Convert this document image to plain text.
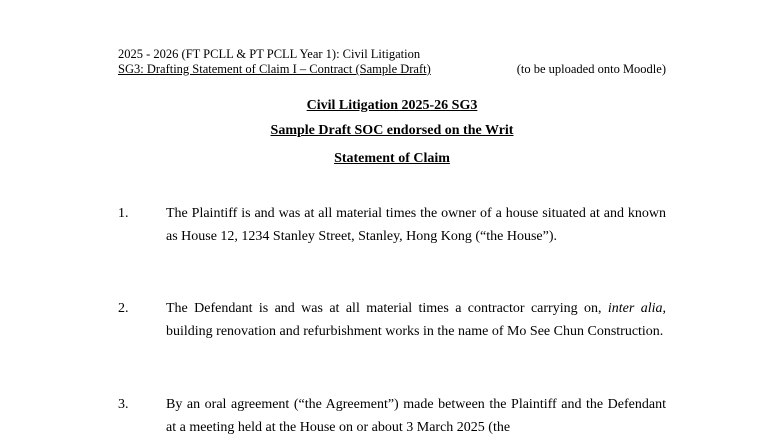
2025 - 2026 (FT PCLL & PT PCLL Year 1): Civil Litigation
SG3: Drafting Statement of Claim I – Contract (Sample Draft)	(to be uploaded onto Moodle)
Civil Litigation 2025-26 SG3
Sample Draft SOC endorsed on the Writ
Statement of Claim
1.	The Plaintiff is and was at all material times the owner of a house situated at and known as House 12, 1234 Stanley Street, Stanley, Hong Kong (“the House”).
2.	The Defendant is and was at all material times a contractor carrying on, inter alia, building renovation and refurbishment works in the name of Mo See Chun Construction.
3.	By an oral agreement (“the Agreement”) made between the Plaintiff and the Defendant at a meeting held at the House on or about 3 March 2025 (the
